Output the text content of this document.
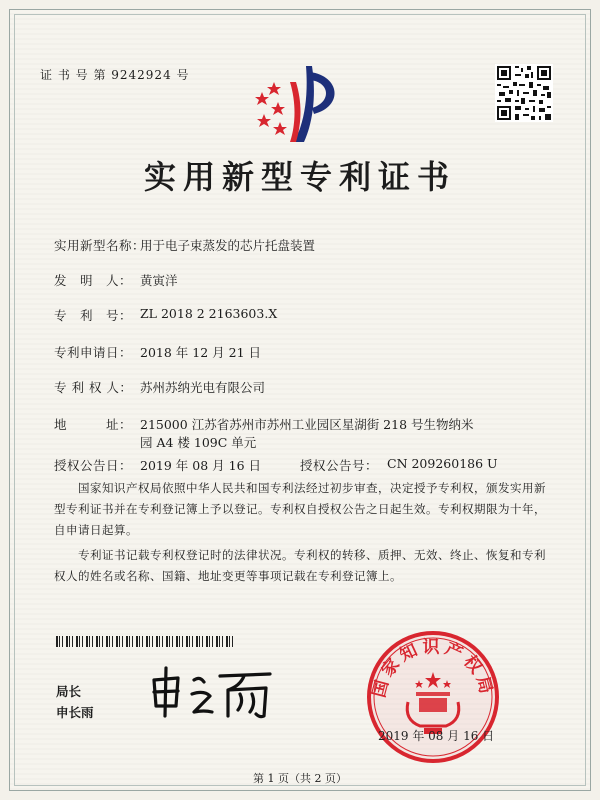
证 书 号 第 9242924 号
实用新型专利证书
实用新型名称：
用于电子束蒸发的芯片托盘装置
发　明　人： 黄寅洋
专　利　号： ZL 2018 2 2163603.X
专利申请日： 2018 年 12 月 21 日
专 利 权 人： 苏州苏纳光电有限公司
地　　　址： 215000 江苏省苏州市苏州工业园区星湖街 218 号生物纳米
园 A4 楼 109C 单元
授权公告日： 2019 年 08 月 16 日	授权公告号： CN 209260186 U
国家知识产权局依照中华人民共和国专利法经过初步审查，决定授予专利权，颁发实用新型专利证书并在专利登记簿上予以登记。专利权自授权公告之日起生效。专利权期限为十年，自申请日起算。
专利证书记载专利权登记时的法律状况。专利权的转移、质押、无效、终止、恢复和专利权人的姓名或名称、国籍、地址变更等事项记载在专利登记簿上。
局长
申长雨
国家知识产权局
2019 年 08 月 16 日
第 1 页（共 2 页）
